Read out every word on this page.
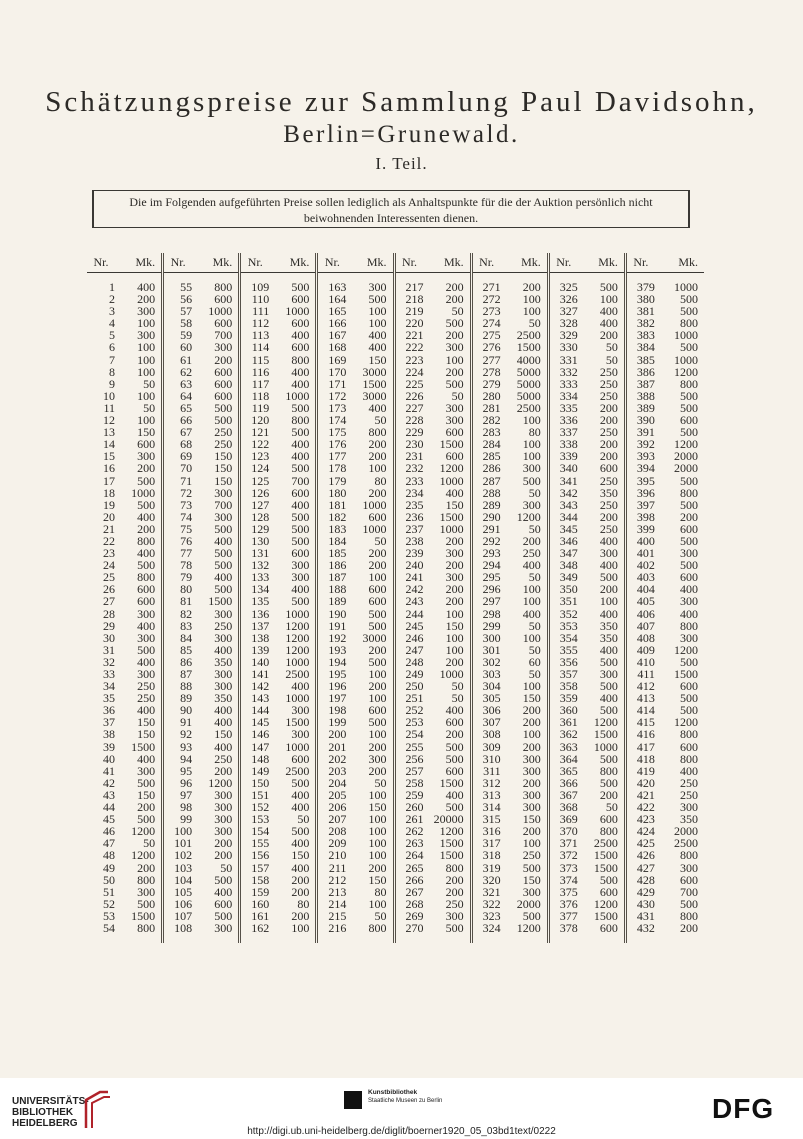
Schätzungspreise zur Sammlung Paul Davidsohn,
Berlin=Grunewald.
I. Teil.
Die im Folgenden aufgeführten Preise sollen lediglich als Anhaltspunkte für die der Auktion persönlich nicht beiwohnenden Interessenten dienen.
Nr.	Mk.
1	400
2	200
3	300
4	100
5	300
6	100
7	100
8	100
9	50
10	100
11	50
12	100
13	150
14	600
15	300
16	200
17	500
18	1000
19	500
20	400
21	200
22	800
23	400
24	500
25	800
26	600
27	600
28	300
29	400
30	300
31	500
32	400
33	300
34	250
35	250
36	400
37	150
38	150
39	1500
40	400
41	300
42	500
43	150
44	200
45	500
46	1200
47	50
48	1200
49	200
50	800
51	300
52	500
53	1500
54	800
Nr.	Mk.
55	800
56	600
57	1000
58	600
59	700
60	300
61	200
62	600
63	600
64	600
65	500
66	500
67	250
68	250
69	150
70	150
71	150
72	300
73	700
74	300
75	500
76	400
77	500
78	500
79	400
80	500
81	1500
82	300
83	250
84	300
85	400
86	350
87	300
88	300
89	350
90	400
91	400
92	150
93	400
94	250
95	200
96	1200
97	300
98	300
99	300
100	300
101	200
102	200
103	50
104	500
105	400
106	600
107	500
108	300
Nr.	Mk.
109	500
110	600
111	1000
112	600
113	400
114	600
115	800
116	400
117	400
118	1000
119	500
120	800
121	500
122	400
123	400
124	500
125	700
126	600
127	400
128	500
129	500
130	500
131	600
132	300
133	300
134	400
135	500
136	1000
137	1200
138	1200
139	1200
140	1000
141	2500
142	400
143	1000
144	300
145	1500
146	300
147	1000
148	600
149	2500
150	500
151	400
152	400
153	50
154	500
155	400
156	150
157	400
158	200
159	200
160	80
161	200
162	100
Nr.	Mk.
163	300
164	500
165	100
166	100
167	400
168	400
169	150
170	3000
171	1500
172	3000
173	400
174	50
175	800
176	200
177	200
178	100
179	80
180	200
181	1000
182	600
183	1000
184	50
185	200
186	200
187	100
188	600
189	600
190	500
191	500
192	3000
193	200
194	500
195	100
196	200
197	100
198	600
199	500
200	100
201	200
202	300
203	200
204	50
205	100
206	150
207	100
208	100
209	100
210	100
211	200
212	150
213	80
214	100
215	50
216	800
Nr.	Mk.
217	200
218	200
219	50
220	500
221	200
222	300
223	100
224	200
225	500
226	50
227	300
228	300
229	600
230	1500
231	600
232	1200
233	1000
234	400
235	150
236	1500
237	1000
238	200
239	300
240	200
241	300
242	200
243	200
244	100
245	150
246	100
247	100
248	200
249	1000
250	50
251	50
252	400
253	600
254	200
255	500
256	500
257	600
258	1500
259	400
260	500
261 20000
262	1200
263	1500
264	1500
265	800
266	200
267	200
268	250
269	300
270	500
Nr.	Mk.
271	200
272	100
273	100
274	50
275	2500
276	1500
277	4000
278	5000
279	5000
280	5000
281	2500
282	100
283	80
284	100
285	100
286	300
287	500
288	50
289	300
290	1200
291	50
292	200
293	250
294	400
295	50
296	100
297	100
298	400
299	50
300	100
301	50
302	60
303	50
304	100
305	150
306	200
307	200
308	100
309	200
310	300
311	300
312	200
313	300
314	300
315	150
316	200
317	100
318	250
319	500
320	150
321	300
322	2000
323	500
324	1200
Nr.	Mk.
325	500
326	100
327	400
328	400
329	200
330	50
331	50
332	250
333	250
334	250
335	200
336	200
337	250
338	200
339	200
340	600
341	250
342	350
343	250
344	200
345	250
346	400
347	300
348	400
349	500
350	200
351	100
352	400
353	350
354	350
355	400
356	500
357	300
358	500
359	400
360	500
361	1200
362	1500
363	1000
364	500
365	800
366	500
367	200
368	50
369	600
370	800
371	2500
372	1500
373	1500
374	500
375	600
376	1200
377	1500
378	600
Nr.	Mk.
379	1000
380	500
381	500
382	800
383	1000
384	500
385	1000
386	1200
387	800
388	500
389	500
390	600
391	500
392	1200
393	2000
394	2000
395	500
396	800
397	500
398	200
399	600
400	500
401	300
402	500
403	600
404	400
405	300
406	400
407	800
408	300
409	1200
410	500
411	1500
412	600
413	500
414	500
415	1200
416	800
417	600
418	800
419	400
420	250
421	250
422	300
423	350
424	2000
425	2500
426	800
427	300
428	600
429	700
430	500
431	800
432	200
UNIVERSITÄTS-
BIBLIOTHEK
HEIDELBERG
Kunstbibliothek
Staatliche Museen zu Berlin	DFG
http://digi.ub.uni-heidelberg.de/diglit/boerner1920_05_03bd1text/0222
